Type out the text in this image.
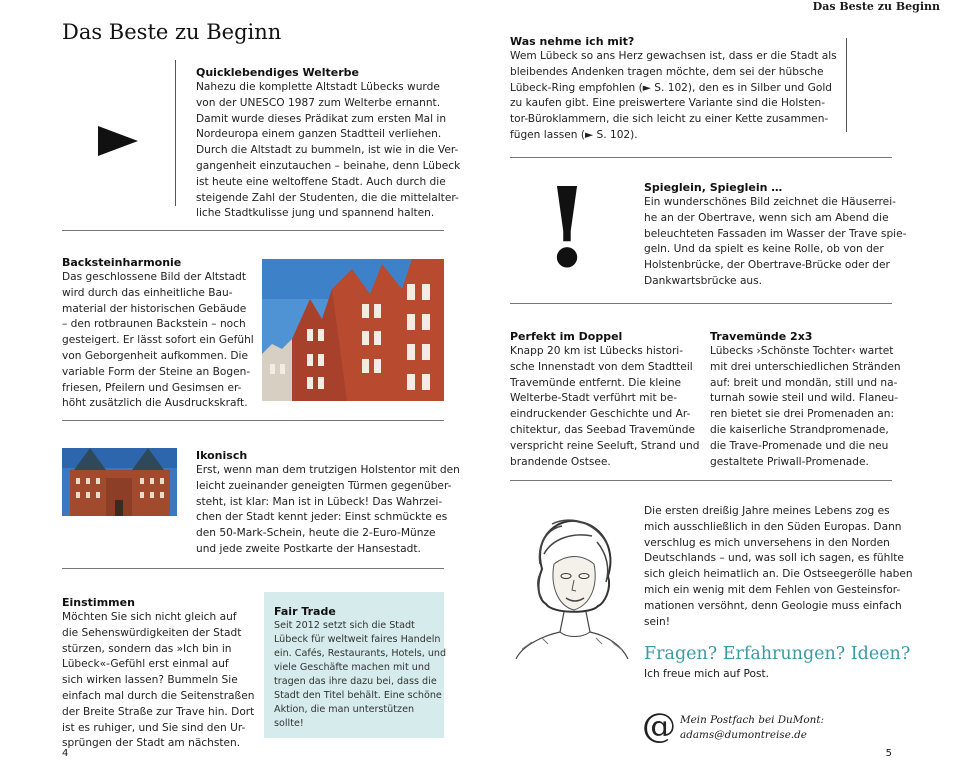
Das Beste zu Beginn
Das Beste zu Beginn
Quicklebendiges Welterbe
Nahezu die komplette Altstadt Lübecks wurde
von der UNESCO 1987 zum Welterbe ernannt.
Damit wurde dieses Prädikat zum ersten Mal in
Nordeuropa einem ganzen Stadtteil verliehen.
Durch die Altstadt zu bummeln, ist wie in die Ver-
gangenheit einzutauchen – beinahe, denn Lübeck
ist heute eine weltoffene Stadt. Auch durch die
steigende Zahl der Studenten, die die mittelalter-
liche Stadtkulisse jung und spannend halten.
Backsteinharmonie
Das geschlossene Bild der Altstadt
wird durch das einheitliche Bau-
material der historischen Gebäude
– den rotbraunen Backstein – noch
gesteigert. Er lässt sofort ein Gefühl
von Geborgenheit aufkommen. Die
variable Form der Steine an Bogen-
friesen, Pfeilern und Gesimsen er-
höht zusätzlich die Ausdruckskraft.
Ikonisch
Erst, wenn man dem trutzigen Holstentor mit den
leicht zueinander geneigten Türmen gegenüber-
steht, ist klar: Man ist in Lübeck! Das Wahrzei-
chen der Stadt kennt jeder: Einst schmückte es
den 50-Mark-Schein, heute die 2-Euro-Münze
und jede zweite Postkarte der Hansestadt.
Einstimmen
Möchten Sie sich nicht gleich auf
die Sehenswürdigkeiten der Stadt
stürzen, sondern das »Ich bin in
Lübeck«-Gefühl erst einmal auf
sich wirken lassen? Bummeln Sie
einfach mal durch die Seitenstraßen
der Breite Straße zur Trave hin. Dort
ist es ruhiger, und Sie sind den Ur-
sprüngen der Stadt am nächsten.
Fair Trade
Seit 2012 setzt sich die Stadt
Lübeck für weltweit faires Handeln
ein. Cafés, Restaurants, Hotels, und
viele Geschäfte machen mit und
tragen das ihre dazu bei, dass die
Stadt den Titel behält. Eine schöne
Aktion, die man unterstützen
sollte!
4
Was nehme ich mit?
Wem Lübeck so ans Herz gewachsen ist, dass er die Stadt als
bleibendes Andenken tragen möchte, dem sei der hübsche
Lübeck-Ring empfohlen (► S. 102), den es in Silber und Gold
zu kaufen gibt. Eine preiswertere Variante sind die Holsten-
tor-Büroklammern, die sich leicht zu einer Kette zusammen-
fügen lassen (► S. 102).
!	Spieglein, Spieglein …
Ein wunderschönes Bild zeichnet die Häuserrei-
he an der Obertrave, wenn sich am Abend die
beleuchteten Fassaden im Wasser der Trave spie-
geln. Und da spielt es keine Rolle, ob von der
Holstenbrücke, der Obertrave-Brücke oder der
Dankwartsbrücke aus.
Perfekt im Doppel
Knapp 20 km ist Lübecks histori-
sche Innenstadt von dem Stadtteil
Travemünde entfernt. Die kleine
Welterbe-Stadt verführt mit be-
eindruckender Geschichte und Ar-
chitektur, das Seebad Travemünde
verspricht reine Seeluft, Strand und
brandende Ostsee.
Travemünde 2x3
Lübecks ›Schönste Tochter‹ wartet
mit drei unterschiedlichen Stränden
auf: breit und mondän, still und na-
turnah sowie steil und wild. Flaneu-
ren bietet sie drei Promenaden an:
die kaiserliche Strandpromenade,
die Trave-Promenade und die neu
gestaltete Priwall-Promenade.
Die ersten dreißig Jahre meines Lebens zog es
mich ausschließlich in den Süden Europas. Dann
verschlug es mich unversehens in den Norden
Deutschlands – und, was soll ich sagen, es fühlte
sich gleich heimatlich an. Die Ostseegeröllе haben
mich ein wenig mit dem Fehlen von Gesteinsfor-
mationen versöhnt, denn Geologie muss einfach
sein!
Fragen? Erfahrungen? Ideen?
Ich freue mich auf Post.
@ Mein Postfach bei DuMont:
adams@dumontreise.de
5
